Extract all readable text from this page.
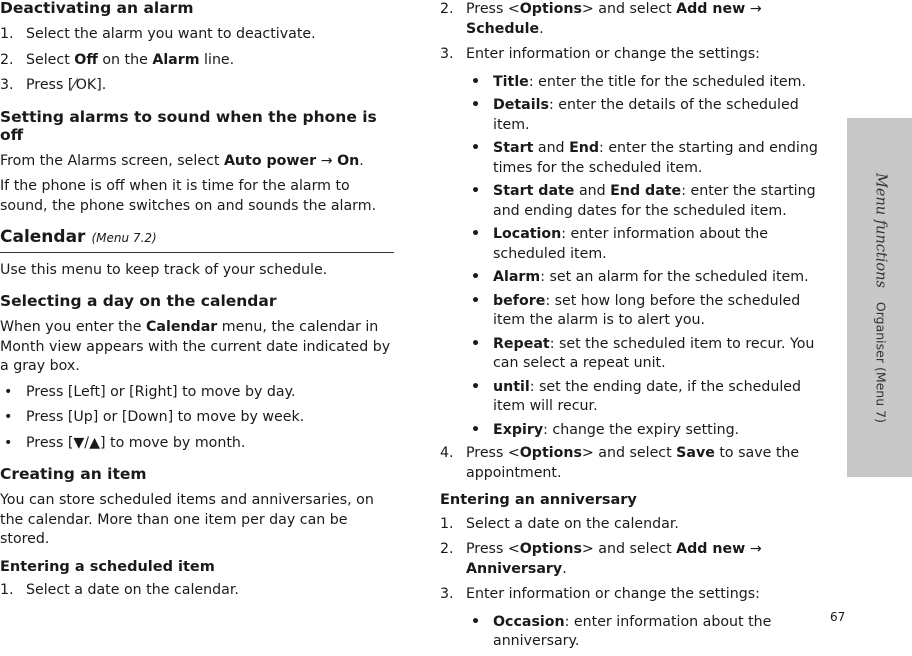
Deactivating an alarm
1. Select the alarm you want to deactivate.
2. Select Off on the Alarm line.
3. Press [⁄OK].
Setting alarms to sound when the phone is off

From the Alarms screen, select Auto power → On.

If the phone is off when it is time for the alarm to sound, the phone switches on and sounds the alarm.

Calendar (Menu 7.2)

Use this menu to keep track of your schedule.

Selecting a day on the calendar

When you enter the Calendar menu, the calendar in Month view appears with the current date indicated by a gray box.

• Press [Left] or [Right] to move by day.
• Press [Up] or [Down] to move by week.
• Press [▼/▲] to move by month.
Creating an item

You can store scheduled items and anniversaries, on the calendar. More than one item per day can be stored.

Entering a scheduled item
1. Select a date on the calendar.
2. Press <Options> and select Add new → Schedule.
3. Enter information or change the settings:
• Title: enter the title for the scheduled item.
• Details: enter the details of the scheduled item.
• Start and End: enter the starting and ending times for the scheduled item.
• Start date and End date: enter the starting and ending dates for the scheduled item.
• Location: enter information about the scheduled item.
• Alarm: set an alarm for the scheduled item.
• before: set how long before the scheduled item the alarm is to alert you.
• Repeat: set the scheduled item to recur. You can select a repeat unit.
• until: set the ending date, if the scheduled item will recur.
• Expiry: change the expiry setting.
4. Press <Options> and select Save to save the appointment.
Entering an anniversary
1. Select a date on the calendar.
2. Press <Options> and select Add new → Anniversary.
3. Enter information or change the settings:
• Occasion: enter information about the anniversary.
Menu functionsOrganiser (Menu 7)
67
